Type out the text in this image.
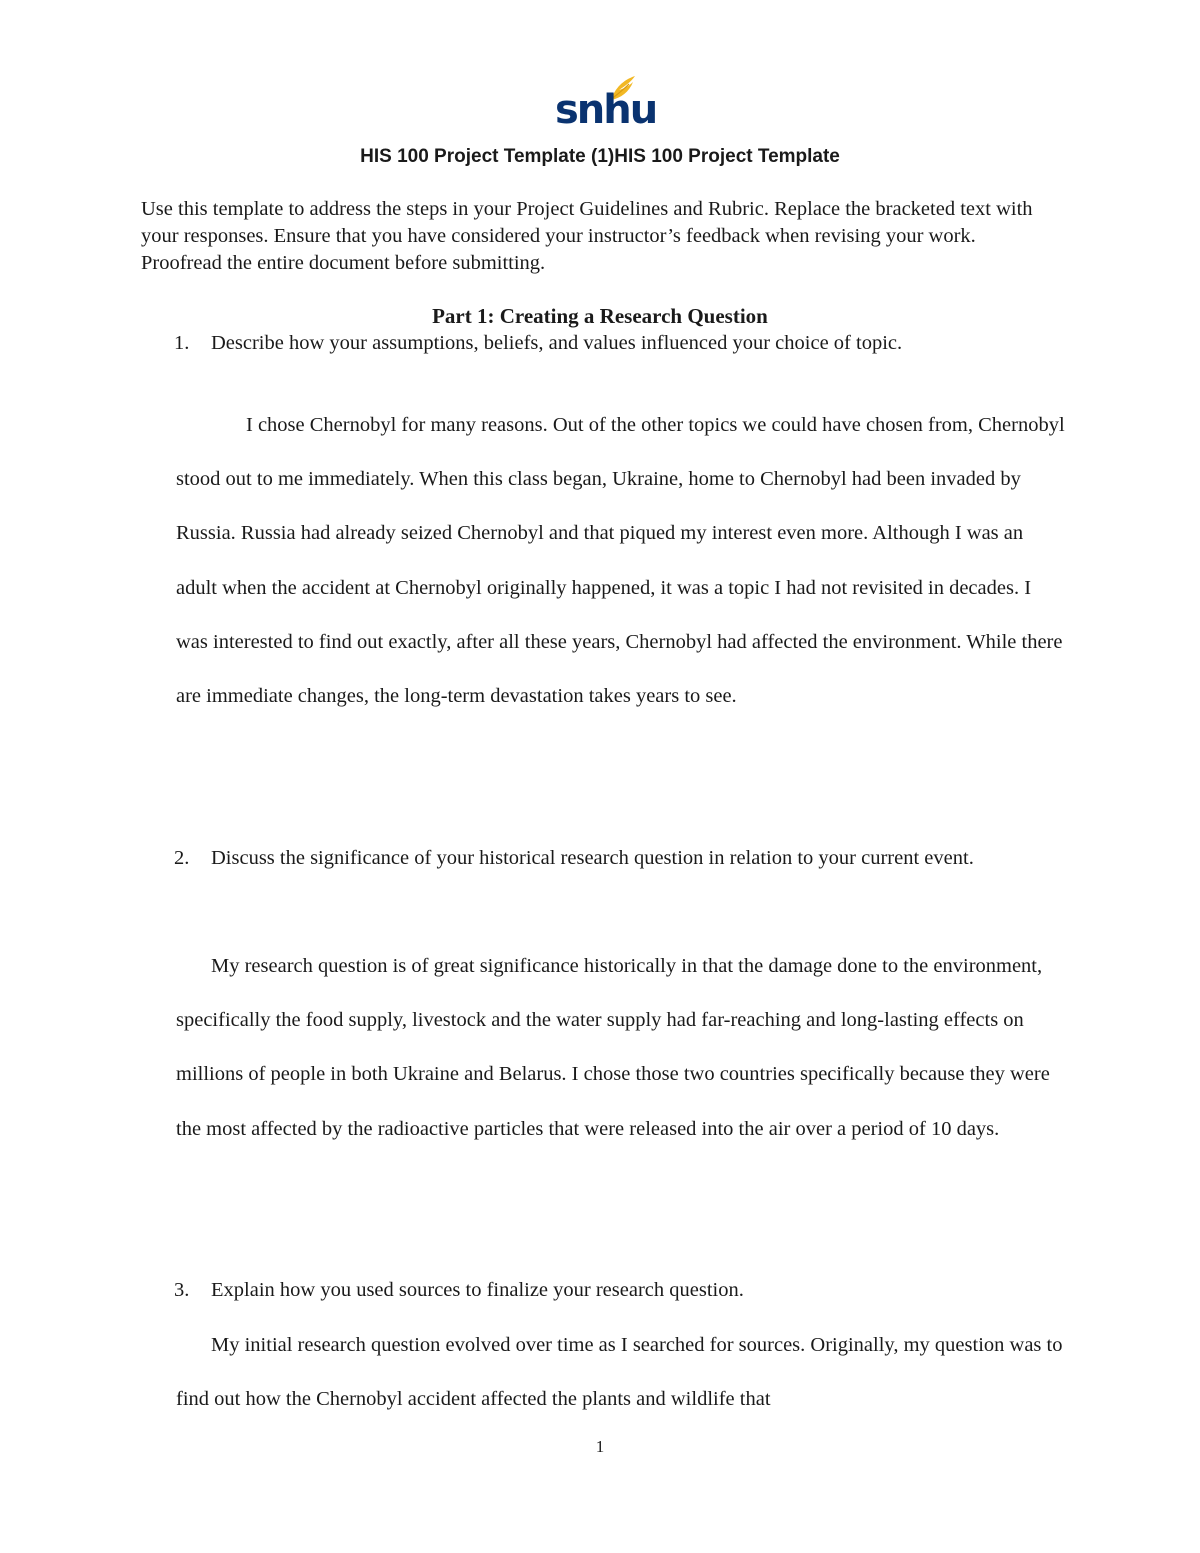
snhu
HIS 100 Project Template (1)HIS 100 Project Template
Use this template to address the steps in your Project Guidelines and Rubric. Replace the bracketed text with your responses. Ensure that you have considered your instructor’s feedback when revising your work. Proofread the entire document before submitting.
Part 1: Creating a Research Question
1.	Describe how your assumptions, beliefs, and values influenced your choice of topic.

I chose Chernobyl for many reasons. Out of the other topics we could have chosen from, Chernobyl stood out to me immediately. When this class began, Ukraine, home to Chernobyl had been invaded by Russia. Russia had already seized Chernobyl and that piqued my interest even more. Although I was an adult when the accident at Chernobyl originally happened, it was a topic I had not revisited in decades. I was interested to find out exactly, after all these years, Chernobyl had affected the environment. While there are immediate changes, the long-term devastation takes years to see.

2.	Discuss the significance of your historical research question in relation to your current event.

My research question is of great significance historically in that the damage done to the environment, specifically the food supply, livestock and the water supply had far-reaching and long-lasting effects on millions of people in both Ukraine and Belarus. I chose those two countries specifically because they were the most affected by the radioactive particles that were released into the air over a period of 10 days.

3.	Explain how you used sources to finalize your research question.

My initial research question evolved over time as I searched for sources. Originally, my question was to find out how the Chernobyl accident affected the plants and wildlife that

1
